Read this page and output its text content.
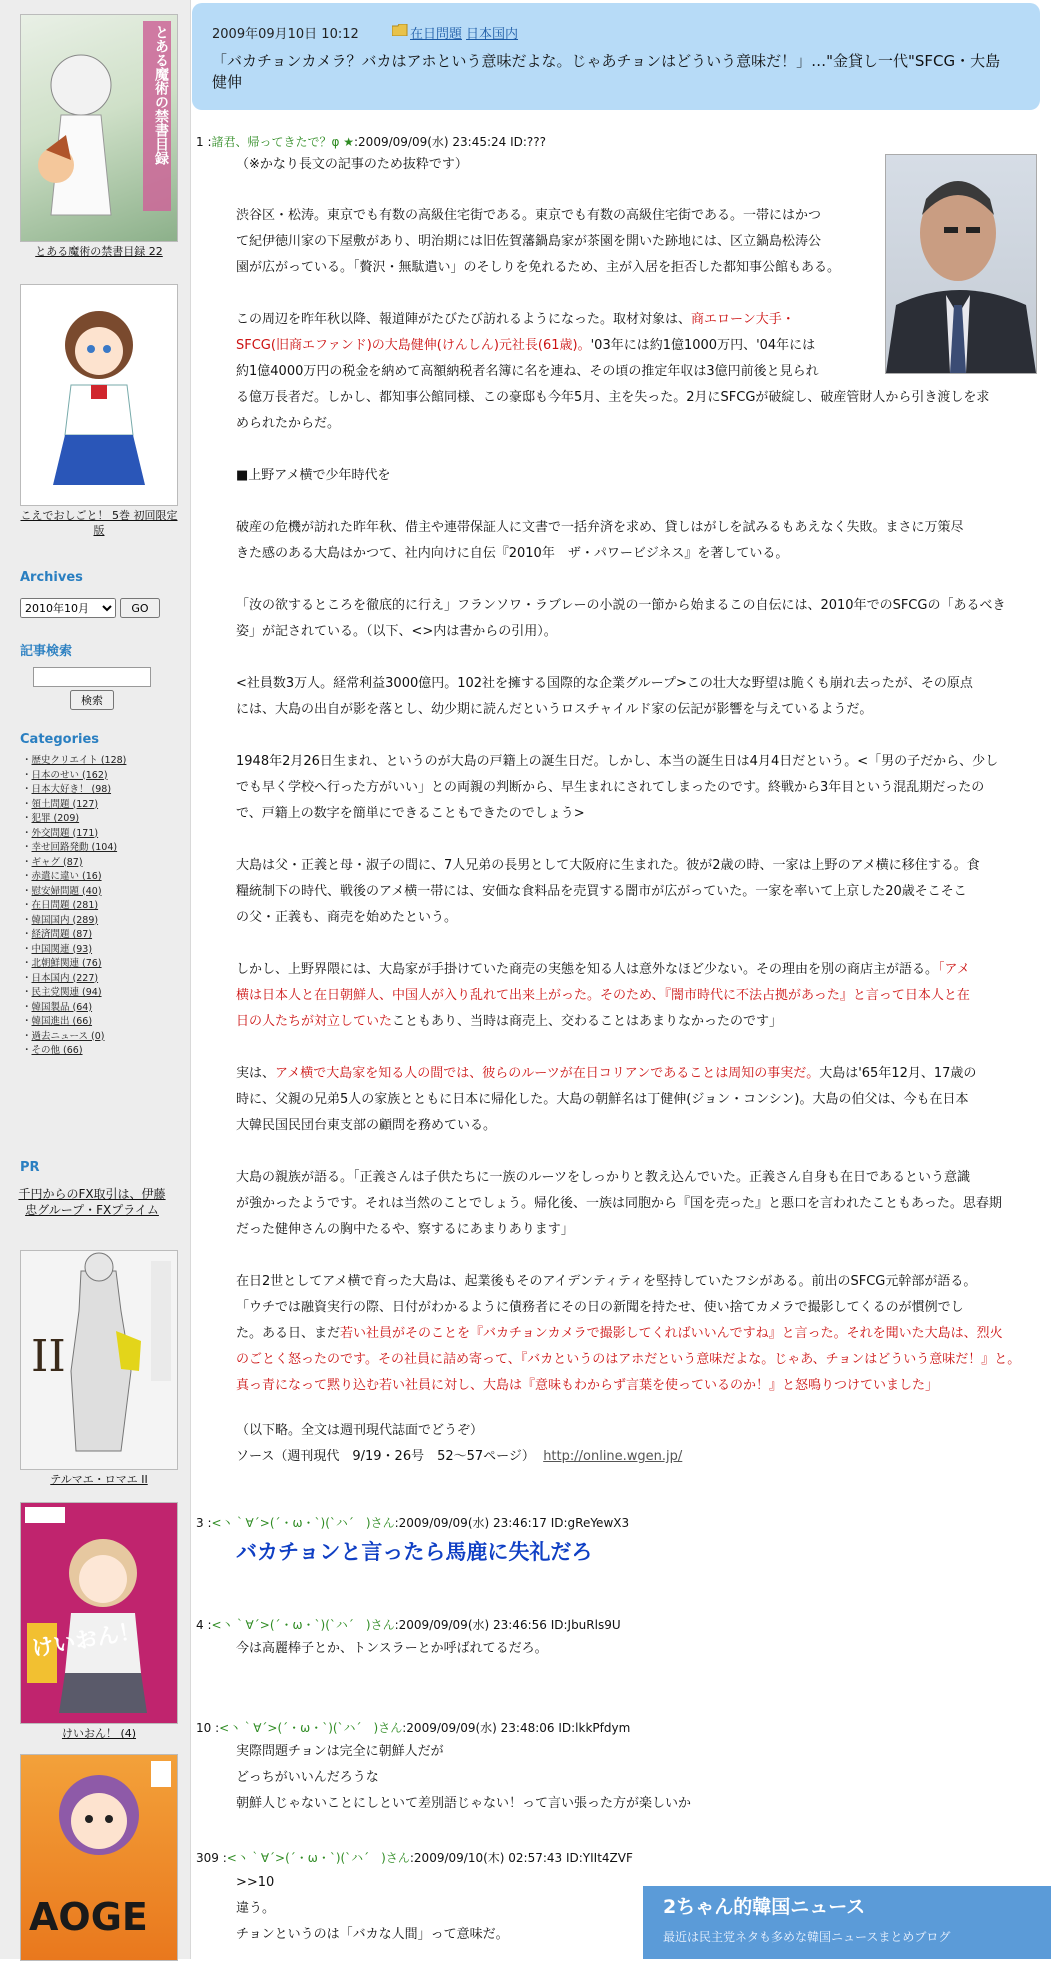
とある魔術の禁書目録
とある魔術の禁書目録 22
こえでおしごと！ 5巻 初回限定版
Archives
2010年10月
GO
記事検索
検索
Categories
・歴史クリエイト (128)
・日本のせい (162)
・日本大好き！ (98)
・領土問題 (127)
・犯罪 (209)
・外交問題 (171)
・幸せ回路発動 (104)
・ギャグ (87)
・赤遣に違い (16)
・慰安婦問題 (40)
・在日問題 (281)
・韓国国内 (289)
・経済問題 (87)
・中国関連 (93)
・北朝鮮関連 (76)
・日本国内 (227)
・民主党関連 (94)
・韓国製品 (64)
・韓国進出 (66)
・過去ニュース (0)
・その他 (66)
PR
千円からのFX取引は、伊藤忠グループ・FXプライム
II
テルマエ・ロマエ II
けいおん！
けいおん！ (4)
AOGE
2009年09月10日 10:12	在日問題 日本国内
「バカチョンカメラ？バカはアホという意味だよな。じゃあチョンはどういう意味だ！」…"金貸し一代"SFCG・大島健伸
1 :諸君、帰ってきたで？φ ★:2009/09/09(水) 23:45:24 ID:???
（※かなり長文の記事のため抜粋です）
渋谷区・松涛。東京でも有数の高級住宅街である。東京でも有数の高級住宅街である。一帯にはかつ
て紀伊徳川家の下屋敷があり、明治期には旧佐賀藩鍋島家が茶園を開いた跡地には、区立鍋島松涛公
園が広がっている。「贅沢・無駄遣い」のそしりを免れるため、主が入居を拒否した都知事公館もある。
この周辺を昨年秋以降、報道陣がたびたび訪れるようになった。取材対象は、商エローン大手・
SFCG(旧商エファンド)の大島健伸(けんしん)元社長(61歳)。'03年には約1億1000万円、'04年には
約1億4000万円の税金を納めて高額納税者名簿に名を連ね、その頃の推定年収は3億円前後と見られ
る億万長者だ。しかし、都知事公館同様、この豪邸も今年5月、主を失った。2月にSFCGが破綻し、破産管財人から引き渡しを求
められたからだ。
■上野アメ横で少年時代を
破産の危機が訪れた昨年秋、借主や連帯保証人に文書で一括弁済を求め、貸しはがしを試みるもあえなく失敗。まさに万策尽
きた感のある大島はかつて、社内向けに自伝『2010年　ザ・パワービジネス』を著している。
「汝の欲するところを徹底的に行え」フランソワ・ラブレーの小説の一節から始まるこの自伝には、2010年でのSFCGの「あるべき
姿」が記されている。（以下、<>内は書からの引用）。
<社員数3万人。経常利益3000億円。102社を擁する国際的な企業グループ>この壮大な野望は脆くも崩れ去ったが、その原点
には、大島の出自が影を落とし、幼少期に読んだというロスチャイルド家の伝記が影響を与えているようだ。
1948年2月26日生まれ、というのが大島の戸籍上の誕生日だ。しかし、本当の誕生日は4月4日だという。<「男の子だから、少し
でも早く学校へ行った方がいい」との両親の判断から、早生まれにされてしまったのです。終戦から3年目という混乱期だったの
で、戸籍上の数字を簡単にできることもできたのでしょう>
大島は父・正義と母・淑子の間に、7人兄弟の長男として大阪府に生まれた。彼が2歳の時、一家は上野のアメ横に移住する。食
糧統制下の時代、戦後のアメ横一帯には、安価な食料品を売買する闇市が広がっていた。一家を率いて上京した20歳そこそこ
の父・正義も、商売を始めたという。
しかし、上野界隈には、大島家が手掛けていた商売の実態を知る人は意外なほど少ない。その理由を別の商店主が語る。「アメ
横は日本人と在日朝鮮人、中国人が入り乱れて出来上がった。そのため、『闇市時代に不法占拠があった』と言って日本人と在
日の人たちが対立していたこともあり、当時は商売上、交わることはあまりなかったのです」
実は、アメ横で大島家を知る人の間では、彼らのルーツが在日コリアンであることは周知の事実だ。大島は'65年12月、17歳の
時に、父親の兄弟5人の家族とともに日本に帰化した。大島の朝鮮名は丁健伸(ジョン・コンシン)。大島の伯父は、今も在日本
大韓民国民団台東支部の顧問を務めている。
大島の親族が語る。「正義さんは子供たちに一族のルーツをしっかりと教え込んでいた。正義さん自身も在日であるという意識
が強かったようです。それは当然のことでしょう。帰化後、一族は同胞から『国を売った』と悪口を言われたこともあった。思春期
だった健伸さんの胸中たるや、察するにあまりあります」
在日2世としてアメ横で育った大島は、起業後もそのアイデンティティを堅持していたフシがある。前出のSFCG元幹部が語る。
「ウチでは融資実行の際、日付がわかるように債務者にその日の新聞を持たせ、使い捨てカメラで撮影してくるのが慣例でし
た。ある日、まだ若い社員がそのことを『バカチョンカメラで撮影してくればいいんですね』と言った。それを聞いた大島は、烈火
のごとく怒ったのです。その社員に詰め寄って、『バカというのはアホだという意味だよな。じゃあ、チョンはどういう意味だ！』と。
真っ青になって黙り込む若い社員に対し、大島は『意味もわからず言葉を使っているのか！』と怒鳴りつけていました」
（以下略。全文は週刊現代誌面でどうぞ）
ソース（週刊現代　9/19・26号　52～57ページ） http://online.wgen.jp/
3 :<丶｀∀´>(´・ω・`)(`ハ´　)さん:2009/09/09(水) 23:46:17 ID:gReYewX3
バカチョンと言ったら馬鹿に失礼だろ
4 :<丶｀∀´>(´・ω・`)(`ハ´　)さん:2009/09/09(水) 23:46:56 ID:JbuRls9U
今は高麗棒子とか、トンスラーとか呼ばれてるだろ。
10 :<丶｀∀´>(´・ω・`)(`ハ´　)さん:2009/09/09(水) 23:48:06 ID:lkkPfdym
実際問題チョンは完全に朝鮮人だが
どっちがいいんだろうな
朝鮮人じゃないことにしといて差別語じゃない！って言い張った方が楽しいか
309 :<丶｀∀´>(´・ω・`)(`ハ´　)さん:2009/09/10(木) 02:57:43 ID:YIIt4ZVF
>>10
違う。
チョンというのは「バカな人間」って意味だ。
2ちゃん的韓国ニュース
最近は民主党ネタも多めな韓国ニュースまとめブログ
